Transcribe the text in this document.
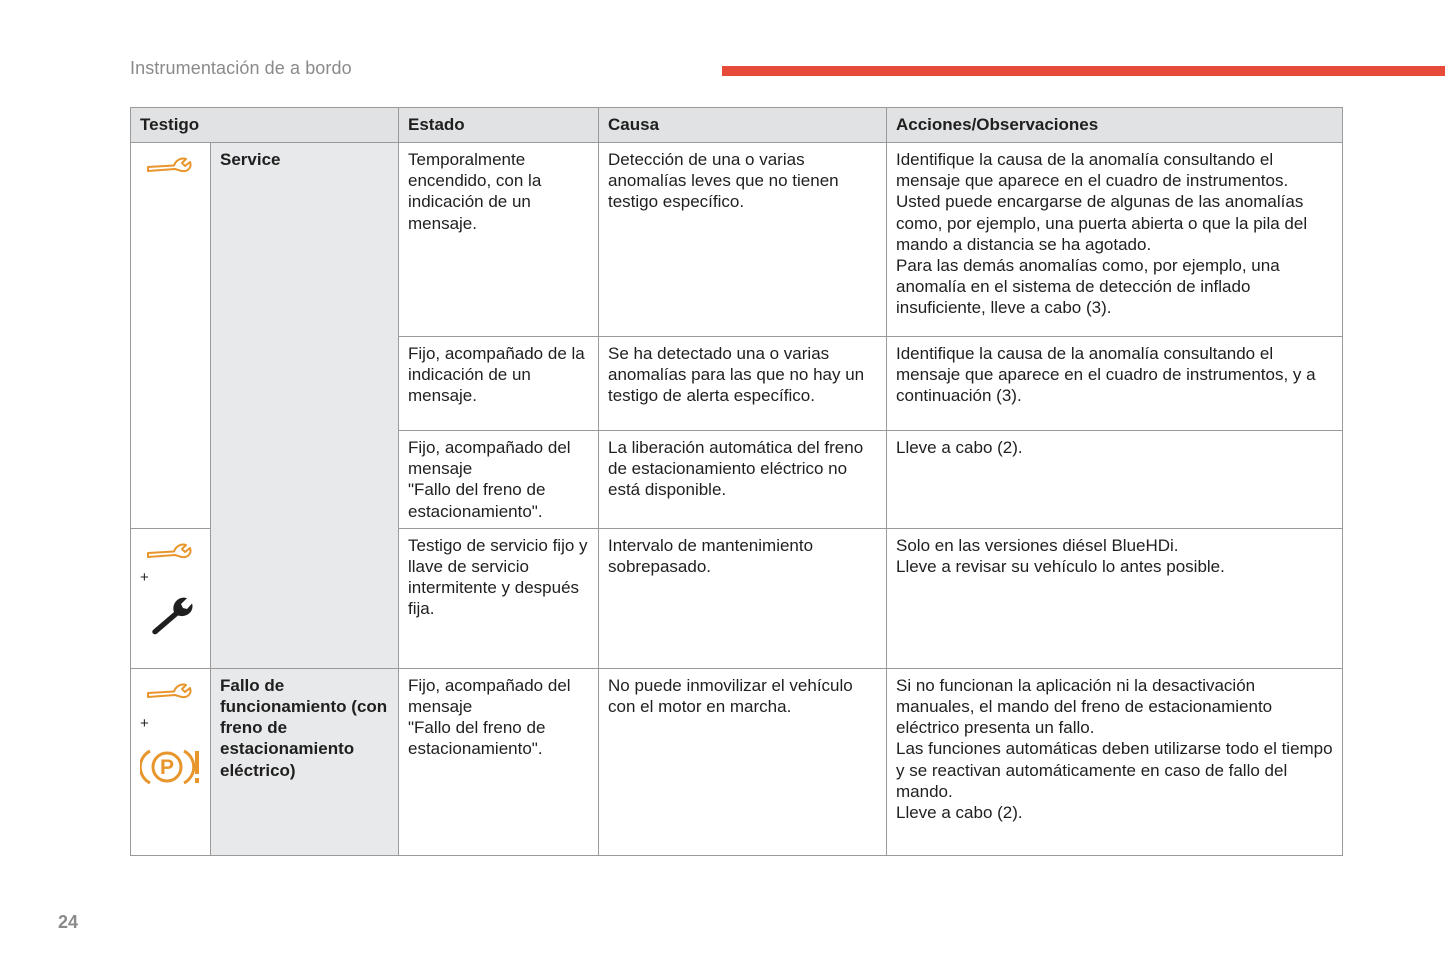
Instrumentación de a bordo
Testigo		Estado	Causa	Acciones/Observaciones

	Service	Temporalmente encendido, con la indicación de un mensaje.	Detección de una o varias anomalías leves que no tienen testigo específico.	Identifique la causa de la anomalía consultando el mensaje que aparece en el cuadro de instrumentos.
Usted puede encargarse de algunas de las anomalías como, por ejemplo, una puerta abierta o que la pila del mando a distancia se ha agotado.
Para las demás anomalías como, por ejemplo, una anomalía en el sistema de detección de inflado insuficiente, lleve a cabo (3).

		Fijo, acompañado de la indicación de un mensaje.	Se ha detectado una o varias anomalías para las que no hay un testigo de alerta específico.	Identifique la causa de la anomalía consultando el mensaje que aparece en el cuadro de instrumentos, y a continuación (3).

		Fijo, acompañado del mensaje
"Fallo del freno de estacionamiento".	La liberación automática del freno de estacionamiento eléctrico no está disponible.	Lleve a cabo (2).

+		Testigo de servicio fijo y llave de servicio intermitente y después fija.	Intervalo de mantenimiento sobrepasado.	Solo en las versiones diésel BlueHDi.
Lleve a revisar su vehículo lo antes posible.

+
P	Fallo de funcionamiento (con freno de estacionamiento eléctrico)	Fijo, acompañado del mensaje
"Fallo del freno de estacionamiento".	No puede inmovilizar el vehículo con el motor en marcha.	Si no funcionan la aplicación ni la desactivación manuales, el mando del freno de estacionamiento eléctrico presenta un fallo.
Las funciones automáticas deben utilizarse todo el tiempo y se reactivan automáticamente en caso de fallo del mando.
Lleve a cabo (2).
24
